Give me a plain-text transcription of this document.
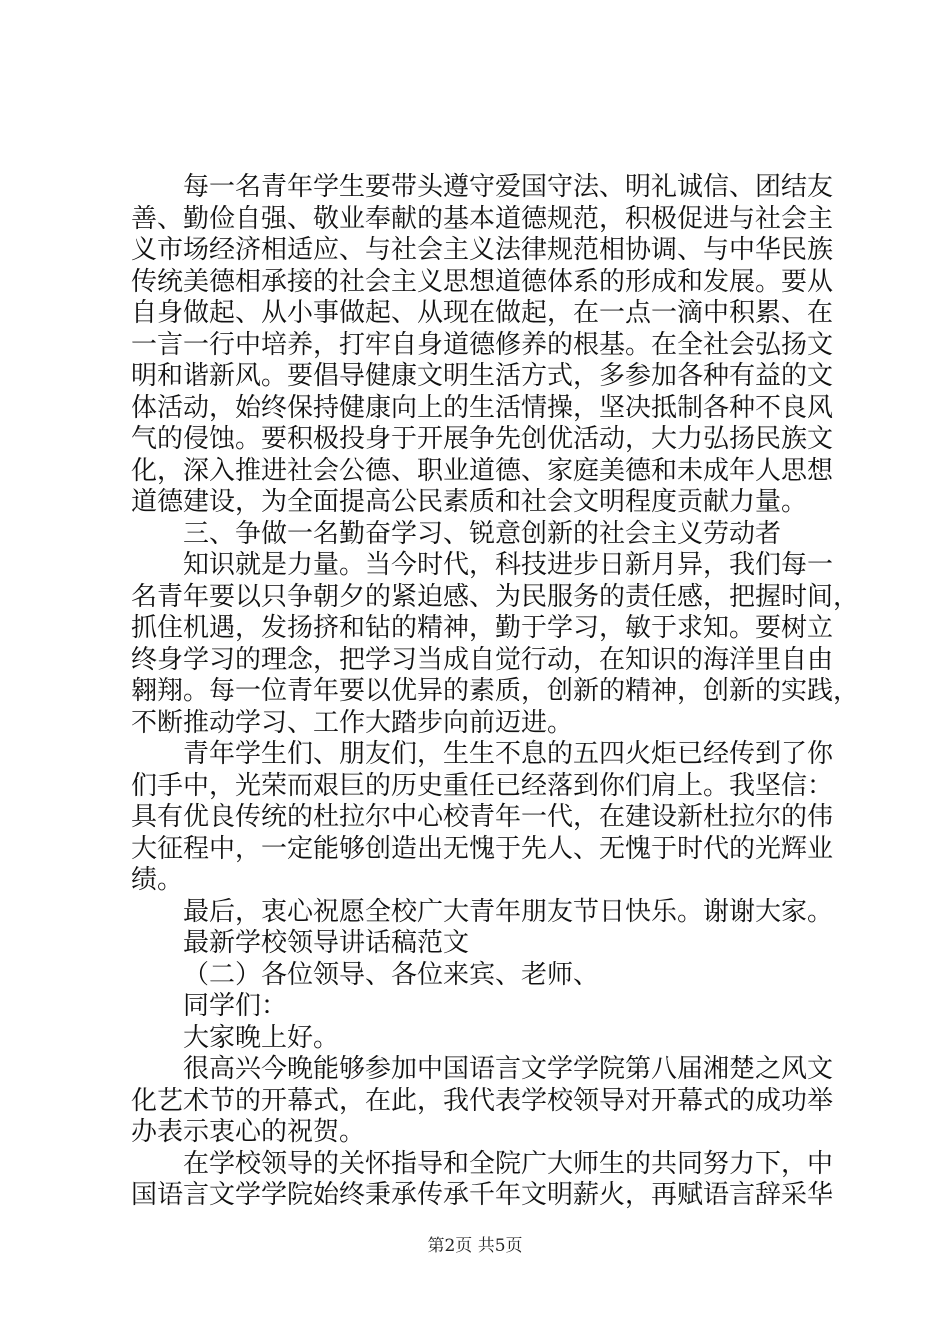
每一名青年学生要带头遵守爱国守法、明礼诚信、团结友
善、勤俭自强、敬业奉献的基本道德规范，积极促进与社会主
义市场经济相适应、与社会主义法律规范相协调、与中华民族
传统美德相承接的社会主义思想道德体系的形成和发展。要从
自身做起、从小事做起、从现在做起，在一点一滴中积累、在
一言一行中培养，打牢自身道德修养的根基。在全社会弘扬文
明和谐新风。要倡导健康文明生活方式，多参加各种有益的文
体活动，始终保持健康向上的生活情操，坚决抵制各种不良风
气的侵蚀。要积极投身于开展争先创优活动，大力弘扬民族文
化，深入推进社会公德、职业道德、家庭美德和未成年人思想
道德建设，为全面提高公民素质和社会文明程度贡献力量。
三、争做一名勤奋学习、锐意创新的社会主义劳动者
知识就是力量。当今时代，科技进步日新月异，我们每一
名青年要以只争朝夕的紧迫感、为民服务的责任感，把握时间，
抓住机遇，发扬挤和钻的精神，勤于学习，敏于求知。要树立
终身学习的理念，把学习当成自觉行动，在知识的海洋里自由
翱翔。每一位青年要以优异的素质，创新的精神，创新的实践，
不断推动学习、工作大踏步向前迈进。
青年学生们、朋友们，生生不息的五四火炬已经传到了你
们手中，光荣而艰巨的历史重任已经落到你们肩上。我坚信：
具有优良传统的杜拉尔中心校青年一代，在建设新杜拉尔的伟
大征程中，一定能够创造出无愧于先人、无愧于时代的光辉业
绩。
最后，衷心祝愿全校广大青年朋友节日快乐。谢谢大家。
最新学校领导讲话稿范文
（二）各位领导、各位来宾、老师、
同学们：
大家晚上好。
很高兴今晚能够参加中国语言文学学院第八届湘楚之风文
化艺术节的开幕式，在此，我代表学校领导对开幕式的成功举
办表示衷心的祝贺。
在学校领导的关怀指导和全院广大师生的共同努力下，中
国语言文学学院始终秉承传承千年文明薪火，再赋语言辞采华
第2页 共5页
